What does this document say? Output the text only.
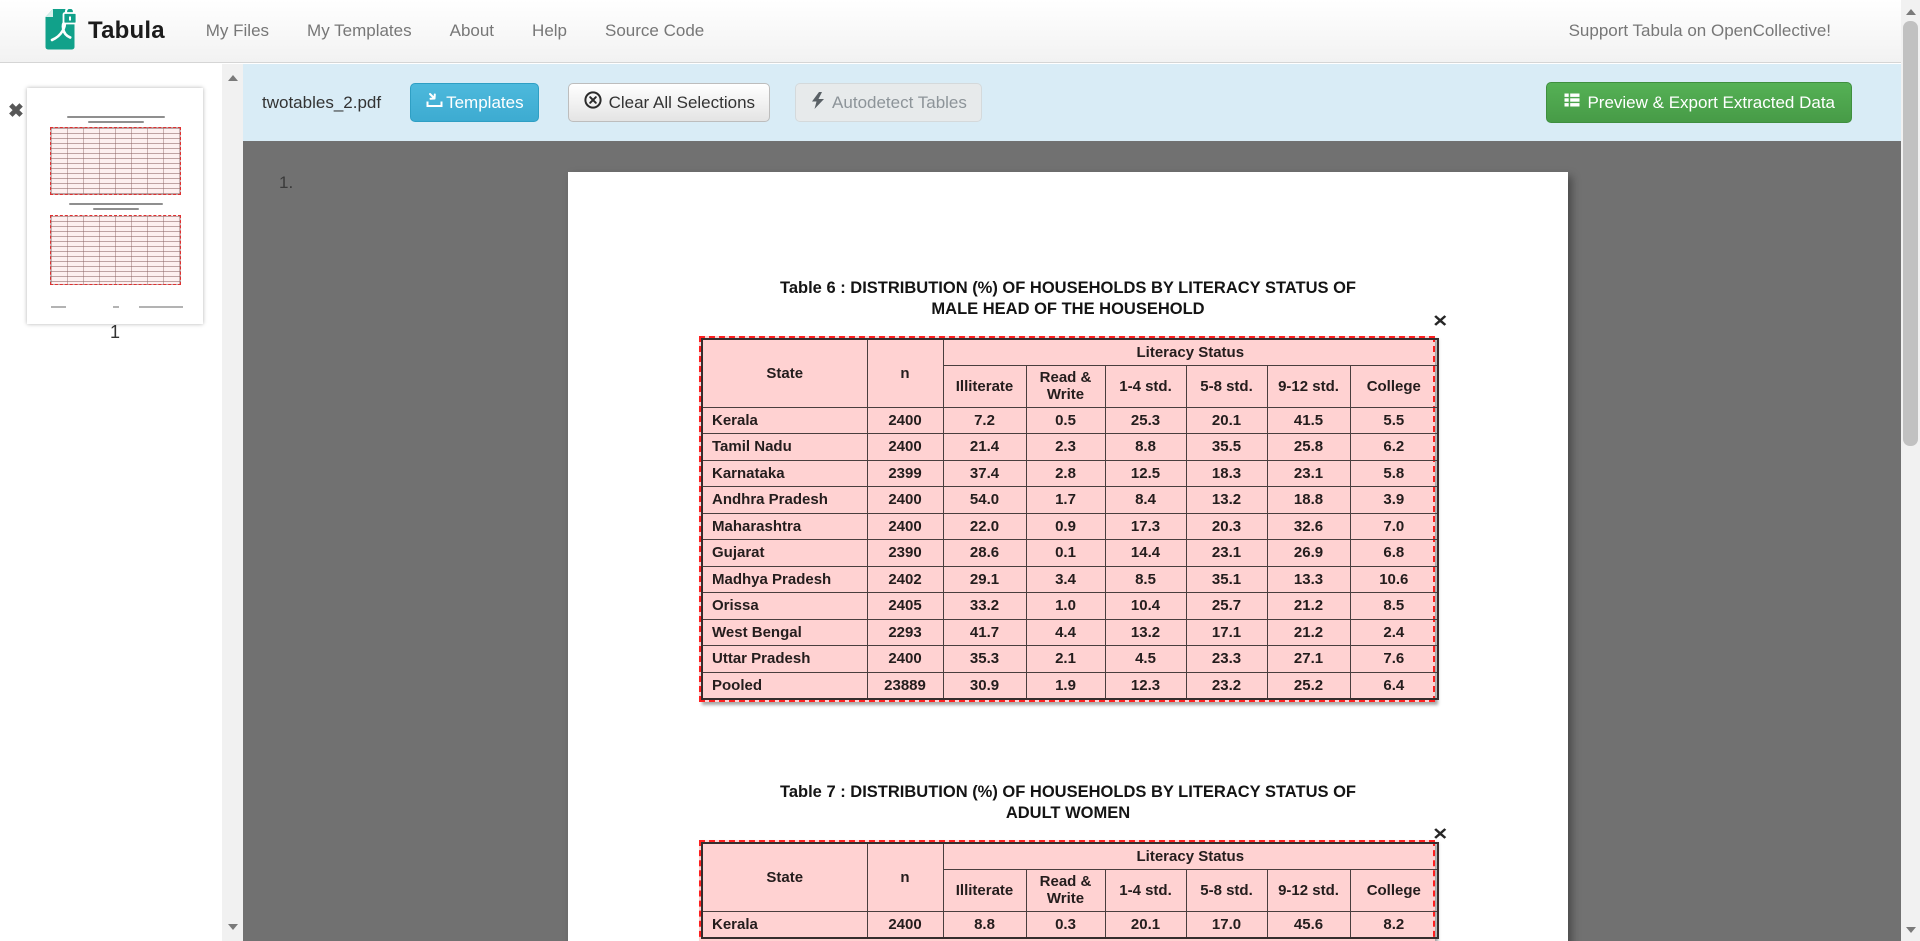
Tabula	My Files	My Templates	About	Help	Source Code	Support Tabula on OpenCollective!
✖
1
twotables_2.pdf	Templates	Clear All Selections	Autodetect Tables	Preview & Export Extracted Data
1.
Table 6 : DISTRIBUTION (%) OF HOUSEHOLDS BY LITERACY STATUS OF
MALE HEAD OF THE HOUSEHOLD
✕
State	n	Literacy Status					
		Illiterate	Read & Write	1-4 std.	5-8 std.	9-12 std.	College
Kerala	2400	7.2	0.5	25.3	20.1	41.5	5.5
Tamil Nadu	2400	21.4	2.3	8.8	35.5	25.8	6.2
Karnataka	2399	37.4	2.8	12.5	18.3	23.1	5.8
Andhra Pradesh	2400	54.0	1.7	8.4	13.2	18.8	3.9
Maharashtra	2400	22.0	0.9	17.3	20.3	32.6	7.0
Gujarat	2390	28.6	0.1	14.4	23.1	26.9	6.8
Madhya Pradesh	2402	29.1	3.4	8.5	35.1	13.3	10.6
Orissa	2405	33.2	1.0	10.4	25.7	21.2	8.5
West Bengal	2293	41.7	4.4	13.2	17.1	21.2	2.4
Uttar Pradesh	2400	35.3	2.1	4.5	23.3	27.1	7.6
Pooled	23889	30.9	1.9	12.3	23.2	25.2	6.4
Table 7 : DISTRIBUTION (%) OF HOUSEHOLDS BY LITERACY STATUS OF
ADULT WOMEN
✕
State	n	Literacy Status					
		Illiterate	Read & Write	1-4 std.	5-8 std.	9-12 std.	College
Kerala	2400	8.8	0.3	20.1	17.0	45.6	8.2
